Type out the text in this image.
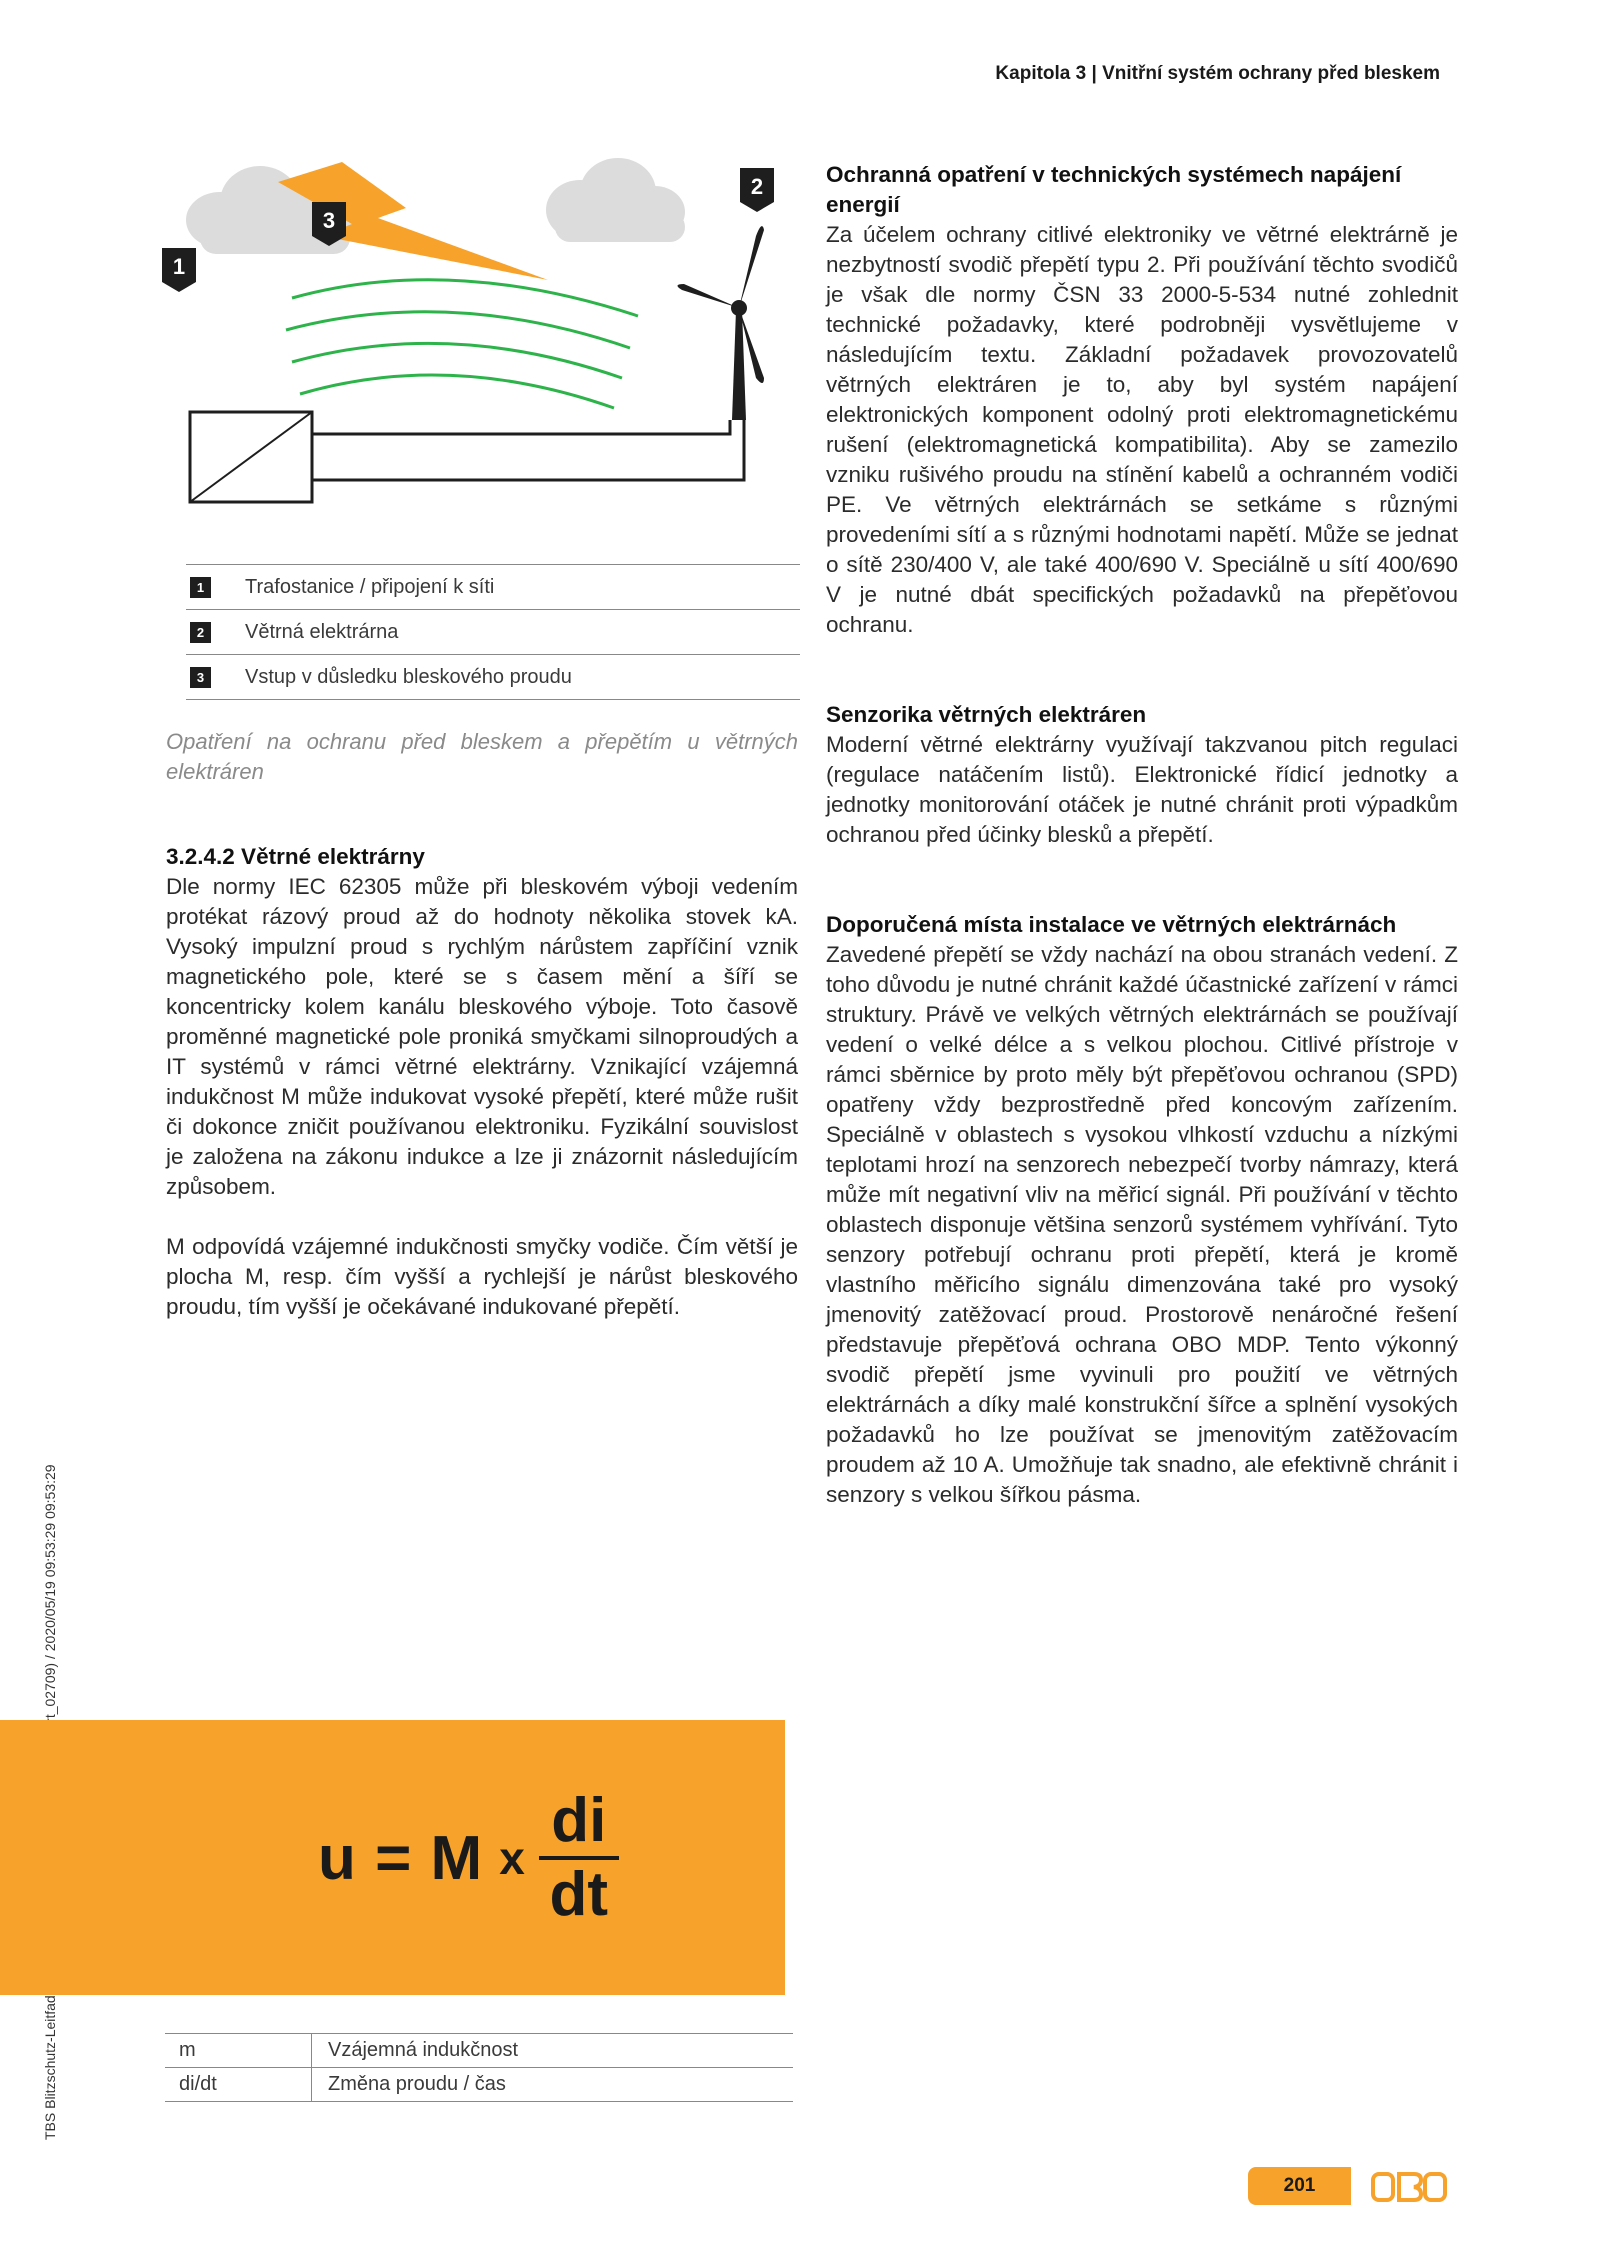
Kapitola 3 | Vnitřní systém ochrany před bleskem
1
3
2
1	Trafostanice / připojení k síti
2	Větrná elektrárna
3	Vstup v důsledku bleskového proudu
Opatření na ochranu před bleskem a přepětím u větrných elektráren
3.2.4.2 Větrné elektrárny

Dle normy IEC 62305 může při bleskovém výboji vedením protékat rázový proud až do hodnoty několika stovek kA. Vysoký impulzní proud s rychlým nárůstem zapříčiní vznik magnetického pole, které se s časem mění a šíří se koncentricky kolem kanálu bleskového výboje. Toto časově proměnné magnetické pole proniká smyčkami silnoproudých a IT systémů v rámci větrné elektrárny. Vznikající vzájemná indukčnost M může indukovat vysoké přepětí, které může rušit či dokonce zničit používanou elektroniku. Fyzikální souvislost je založena na zákonu indukce a lze ji znázornit následujícím způsobem.

M odpovídá vzájemné indukčnosti smyčky vodiče. Čím větší je plocha M, resp. čím vyšší a rychlejší je nárůst bleskového proudu, tím vyšší je očekávané indukované přepětí.

u = M x $\frac{di}{dt}$
m	Vzájemná indukčnost
di/dt	Změna proudu / čas
Ochranná opatření v technických systémech napájení energií

Za účelem ochrany citlivé elektroniky ve větrné elektrárně je nezbytností svodič přepětí typu 2. Při používání těchto svodičů je však dle normy ČSN 33 2000-5-534 nutné zohlednit technické požadavky, které podrobněji vysvětlujeme v následujícím textu. Základní požadavek provozovatelů větrných elektráren je to, aby byl systém napájení elektronických komponent odolný proti elektromagnetickému rušení (elektromagnetická kompatibilita). Aby se zamezilo vzniku rušivého proudu na stínění kabelů a ochranném vodiči PE. Ve větrných elektrárnách se setkáme s různými provedeními sítí a s různými hodnotami napětí. Může se jednat o sítě 230/400 V, ale také 400/690 V. Speciálně u sítí 400/690 V je nutné dbát specifických požadavků na přepěťovou ochranu.

Senzorika větrných elektráren

Moderní větrné elektrárny využívají takzvanou pitch regulaci (regulace natáčením listů). Elektronické řídicí jednotky a jednotky monitorování otáček je nutné chránit proti výpadkům ochranou před účinky blesků a přepětí.

Doporučená místa instalace ve větrných elektrárnách

Zavedené přepětí se vždy nachází na obou stranách vedení. Z toho důvodu je nutné chránit každé účastnické zařízení v rámci struktury. Právě ve velkých větrných elektrárnách se používají vedení o velké délce a s velkou plochou. Citlivé přístroje v rámci sběrnice by proto měly být přepěťovou ochranou (SPD) opatřeny vždy bezprostředně před koncovým zařízením. Speciálně v oblastech s vysokou vlhkostí vzduchu a nízkými teplotami hrozí na senzorech nebezpečí tvorby námrazy, která může mít negativní vliv na měřicí signál. Při používání v těchto oblastech disponuje většina senzorů systémem vyhřívání. Tyto senzory potřebují ochranu proti přepětí, která je kromě vlastního měřicího signálu dimenzována také pro vysoký jmenovitý zatěžovací proud. Prostorově nenáročné řešení představuje přepěťová ochrana OBO MDP. Tento výkonný svodič přepětí jsme vyvinuli pro použití ve větrných elektrárnách a díky malé konstrukční šířce a splnění vysokých požadavků ho lze používat se jmenovitým zatěžovacím proudem až 10 A. Umožňuje tak snadno, ale efektivně chránit i senzory s velkou šířkou pásma.

201
